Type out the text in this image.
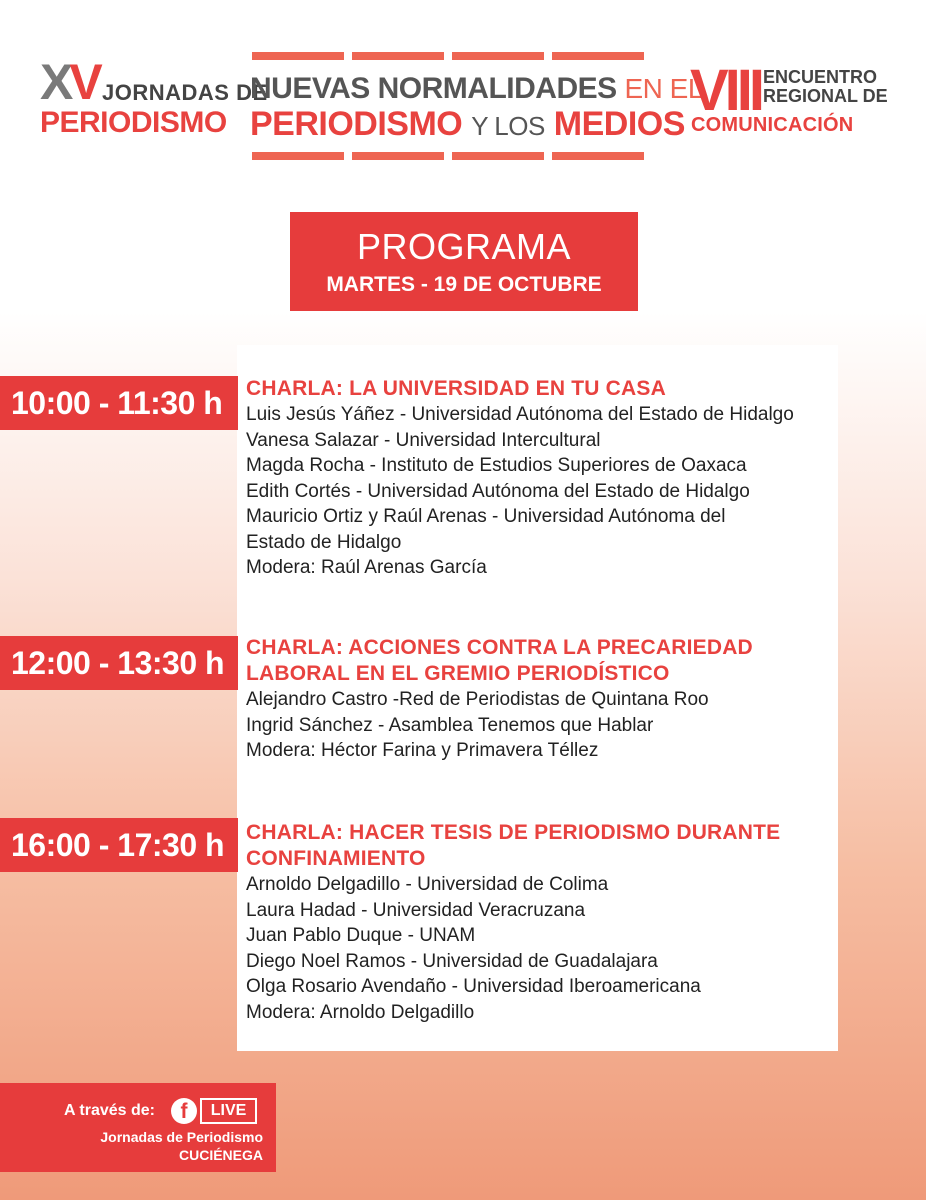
XV JORNADAS DE
PERIODISMO
NUEVAS NORMALIDADES EN EL
PERIODISMO Y LOS MEDIOS
VIII ENCUENTRO
REGIONAL DE
COMUNICACIÓN
PROGRAMA
MARTES - 19 DE OCTUBRE
10:00 - 11:30 h	CHARLA: LA UNIVERSIDAD EN TU CASA
Luis Jesús Yáñez - Universidad Autónoma del Estado de Hidalgo
Vanesa Salazar - Universidad Intercultural
Magda Rocha - Instituto de Estudios Superiores de Oaxaca
Edith Cortés - Universidad Autónoma del Estado de Hidalgo
Mauricio Ortiz y Raúl Arenas - Universidad Autónoma del
Estado de Hidalgo
Modera: Raúl Arenas García
12:00 - 13:30 h	CHARLA: ACCIONES CONTRA LA PRECARIEDAD
LABORAL EN EL GREMIO PERIODÍSTICO
Alejandro Castro -Red de Periodistas de Quintana Roo
Ingrid Sánchez - Asamblea Tenemos que Hablar
Modera: Héctor Farina y Primavera Téllez
16:00 - 17:30 h	CHARLA: HACER TESIS DE PERIODISMO DURANTE
CONFINAMIENTO
Arnoldo Delgadillo - Universidad de Colima
Laura Hadad - Universidad Veracruzana
Juan Pablo Duque - UNAM
Diego Noel Ramos - Universidad de Guadalajara
Olga Rosario Avendaño - Universidad Iberoamericana
Modera: Arnoldo Delgadillo
A través de:	f	LIVE
Jornadas de Periodismo
CUCIÉNEGA
